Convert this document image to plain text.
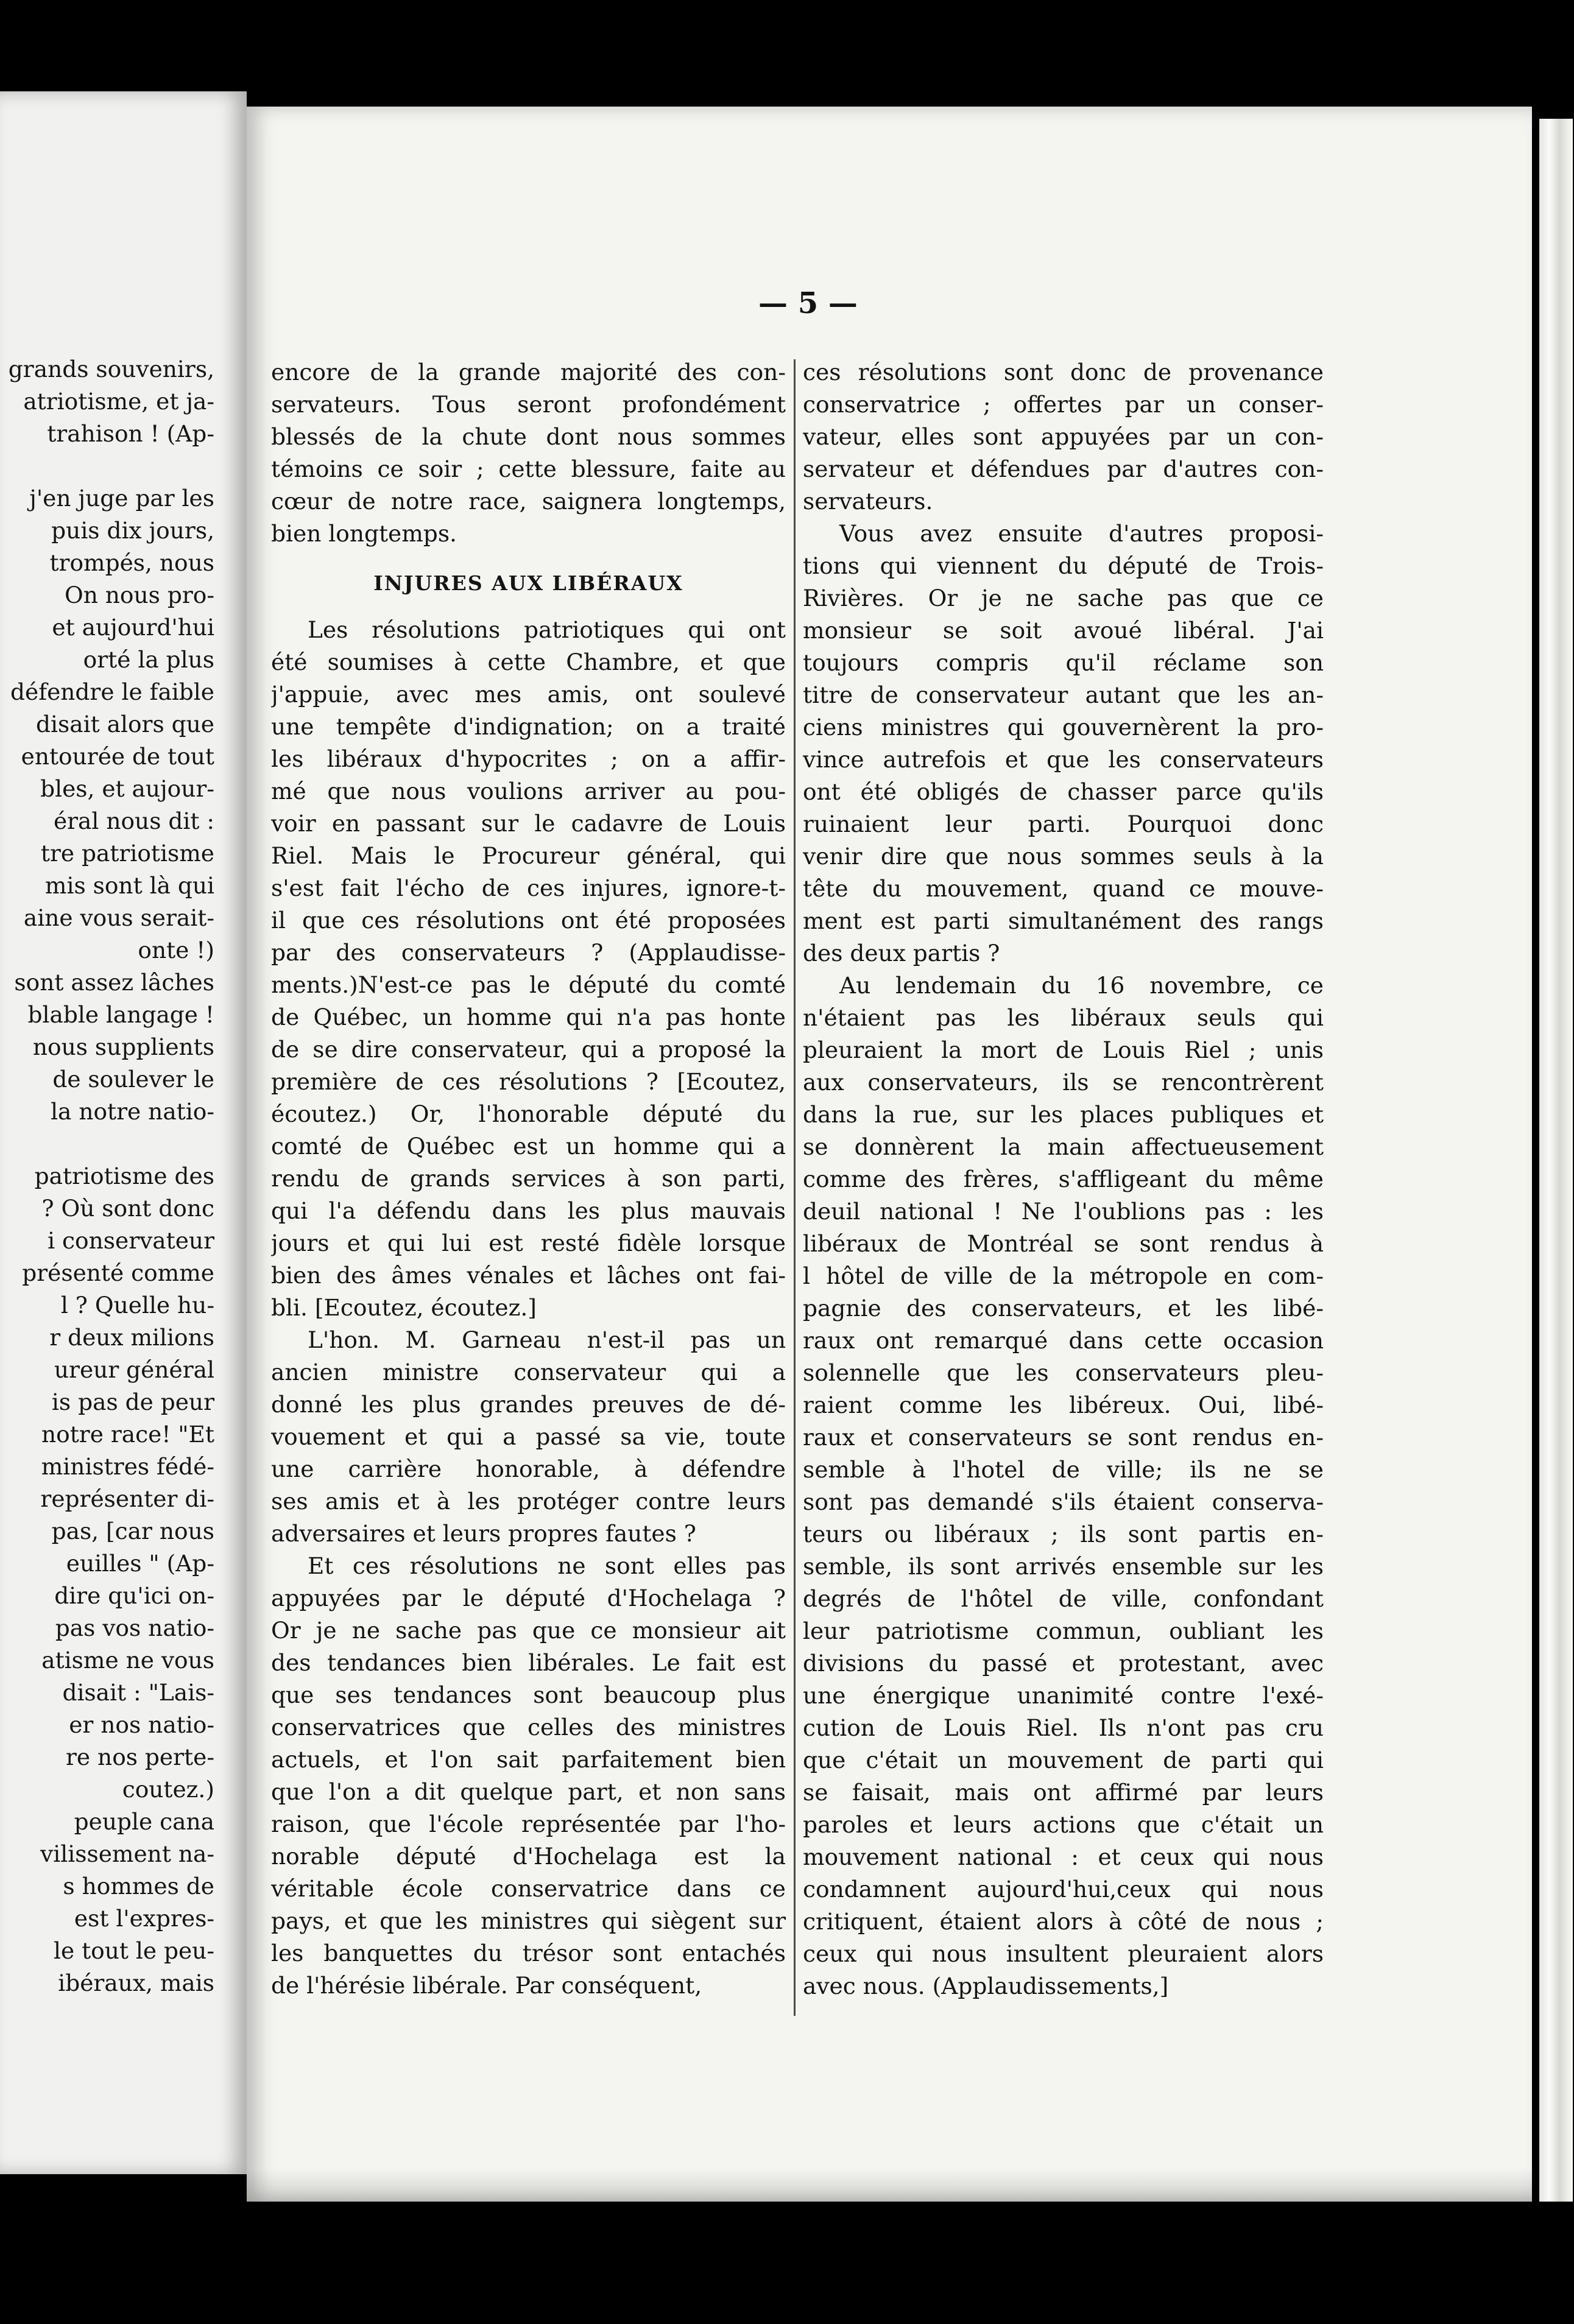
grands souvenirs,
atriotisme, et ja-
trahison ! (Ap-
j'en juge par les
puis dix jours,
trompés, nous
On nous pro-
et aujourd'hui
orté la plus
défendre le faible
disait alors que
entourée de tout
bles, et aujour-
éral nous dit :
tre patriotisme
mis sont là qui
aine vous serait-
onte !)
sont assez lâches
blable langage !
nous supplients
de soulever le
la notre natio-
patriotisme des
? Où sont donc
i conservateur
présenté comme
l ? Quelle hu-
r deux milions
ureur général
is pas de peur
notre race! "Et
ministres fédé-
représenter di-
pas, [car nous
euilles " (Ap-
dire qu'ici on-
pas vos natio-
atisme ne vous
disait : "Lais-
er nos natio-
re nos perte-
coutez.)
peuple cana
vilissement na-
s hommes de
est l'expres-
le tout le peu-
ibéraux, mais
— 5 —
encore de la grande majorité des con-
servateurs. Tous seront profondément
blessés de la chute dont nous sommes
témoins ce soir ; cette blessure, faite au
cœur de notre race, saignera longtemps,
bien longtemps.
INJURES AUX LIBÉRAUX
Les résolutions patriotiques qui ont
été soumises à cette Chambre, et que
j'appuie, avec mes amis, ont soulevé
une tempête d'indignation; on a traité
les libéraux d'hypocrites ; on a affir-
mé que nous voulions arriver au pou-
voir en passant sur le cadavre de Louis
Riel. Mais le Procureur général, qui
s'est fait l'écho de ces injures, ignore-t-
il que ces résolutions ont été proposées
par des conservateurs ? (Applaudisse-
ments.)N'est-ce pas le député du comté
de Québec, un homme qui n'a pas honte
de se dire conservateur, qui a proposé la
première de ces résolutions ? [Ecoutez,
écoutez.) Or, l'honorable député du
comté de Québec est un homme qui a
rendu de grands services à son parti,
qui l'a défendu dans les plus mauvais
jours et qui lui est resté fidèle lorsque
bien des âmes vénales et lâches ont fai-
bli. [Ecoutez, écoutez.]
L'hon. M. Garneau n'est-il pas un
ancien ministre conservateur qui a
donné les plus grandes preuves de dé-
vouement et qui a passé sa vie, toute
une carrière honorable, à défendre
ses amis et à les protéger contre leurs
adversaires et leurs propres fautes ?
Et ces résolutions ne sont elles pas
appuyées par le député d'Hochelaga ?
Or je ne sache pas que ce monsieur ait
des tendances bien libérales. Le fait est
que ses tendances sont beaucoup plus
conservatrices que celles des ministres
actuels, et l'on sait parfaitement bien
que l'on a dit quelque part, et non sans
raison, que l'école représentée par l'ho-
norable député d'Hochelaga est la
véritable école conservatrice dans ce
pays, et que les ministres qui siègent sur
les banquettes du trésor sont entachés
de l'hérésie libérale. Par conséquent,
ces résolutions sont donc de provenance
conservatrice ; offertes par un conser-
vateur, elles sont appuyées par un con-
servateur et défendues par d'autres con-
servateurs.
Vous avez ensuite d'autres proposi-
tions qui viennent du député de Trois-
Rivières. Or je ne sache pas que ce
monsieur se soit avoué libéral. J'ai
toujours compris qu'il réclame son
titre de conservateur autant que les an-
ciens ministres qui gouvernèrent la pro-
vince autrefois et que les conservateurs
ont été obligés de chasser parce qu'ils
ruinaient leur parti. Pourquoi donc
venir dire que nous sommes seuls à la
tête du mouvement, quand ce mouve-
ment est parti simultanément des rangs
des deux partis ?
Au lendemain du 16 novembre, ce
n'étaient pas les libéraux seuls qui
pleuraient la mort de Louis Riel ; unis
aux conservateurs, ils se rencontrèrent
dans la rue, sur les places publiques et
se donnèrent la main affectueusement
comme des frères, s'affligeant du même
deuil national ! Ne l'oublions pas : les
libéraux de Montréal se sont rendus à
l hôtel de ville de la métropole en com-
pagnie des conservateurs, et les libé-
raux ont remarqué dans cette occasion
solennelle que les conservateurs pleu-
raient comme les libéreux. Oui, libé-
raux et conservateurs se sont rendus en-
semble à l'hotel de ville; ils ne se
sont pas demandé s'ils étaient conserva-
teurs ou libéraux ; ils sont partis en-
semble, ils sont arrivés ensemble sur les
degrés de l'hôtel de ville, confondant
leur patriotisme commun, oubliant les
divisions du passé et protestant, avec
une énergique unanimité contre l'exé-
cution de Louis Riel. Ils n'ont pas cru
que c'était un mouvement de parti qui
se faisait, mais ont affirmé par leurs
paroles et leurs actions que c'était un
mouvement national : et ceux qui nous
condamnent aujourd'hui,ceux qui nous
critiquent, étaient alors à côté de nous ;
ceux qui nous insultent pleuraient alors
avec nous. (Applaudissements,]
